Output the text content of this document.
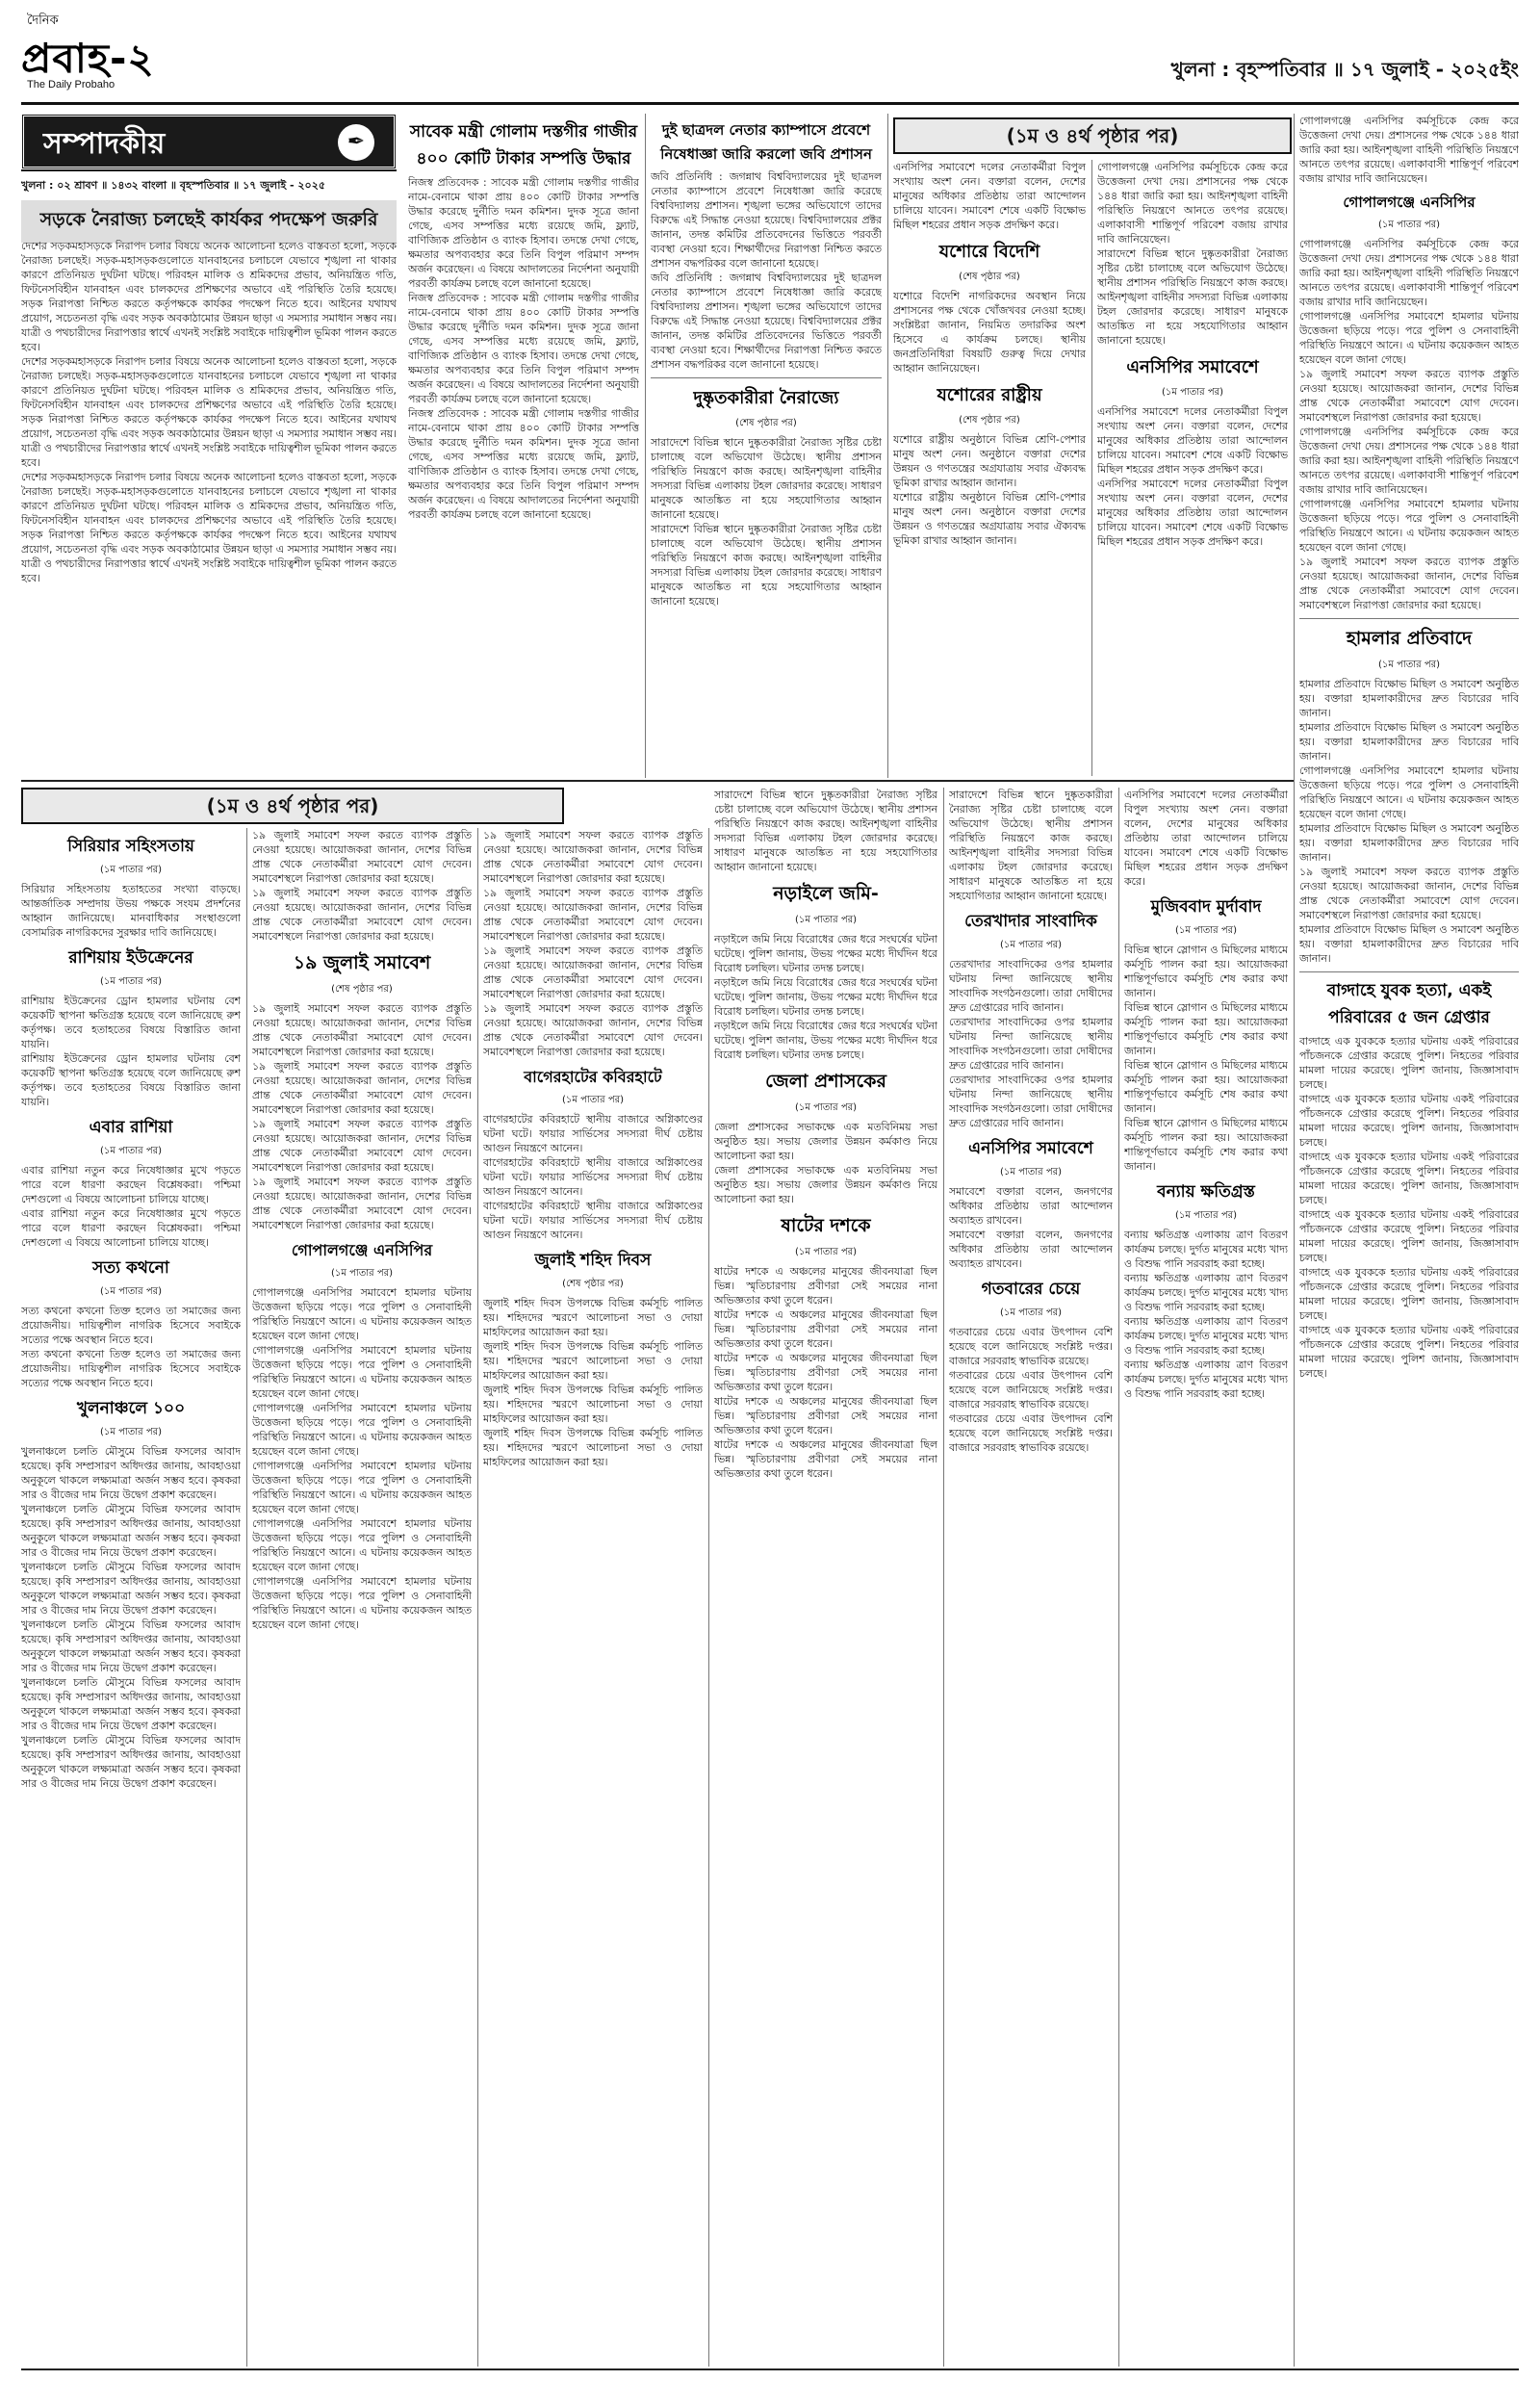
দৈনিক
প্রবাহ-২
The Daily Probaho
খুলনা : বৃহস্পতিবার ॥ ১৭ জুলাই - ২০২৫ইং
সম্পাদকীয়	✒
খুলনা : ০২ শ্রাবণ ॥ ১৪৩২ বাংলা ॥ বৃহস্পতিবার ॥ ১৭ জুলাই - ২০২৫
সড়কে নৈরাজ্য চলছেই কার্যকর পদক্ষেপ জরুরি

দেশের সড়কমহাসড়কে নিরাপদ চলার বিষয়ে অনেক আলোচনা হলেও বাস্তবতা হলো, সড়কে নৈরাজ্য চলছেই। সড়ক-মহাসড়কগুলোতে যানবাহনের চলাচলে যেভাবে শৃঙ্খলা না থাকার কারণে প্রতিনিয়ত দুর্ঘটনা ঘটছে। পরিবহন মালিক ও শ্রমিকদের প্রভাব, অনিয়ন্ত্রিত গতি, ফিটনেসবিহীন যানবাহন এবং চালকদের প্রশিক্ষণের অভাবে এই পরিস্থিতি তৈরি হয়েছে। সড়ক নিরাপত্তা নিশ্চিত করতে কর্তৃপক্ষকে কার্যকর পদক্ষেপ নিতে হবে। আইনের যথাযথ প্রয়োগ, সচেতনতা বৃদ্ধি এবং সড়ক অবকাঠামোর উন্নয়ন ছাড়া এ সমস্যার সমাধান সম্ভব নয়। যাত্রী ও পথচারীদের নিরাপত্তার স্বার্থে এখনই সংশ্লিষ্ট সবাইকে দায়িত্বশীল ভূমিকা পালন করতে হবে।

দেশের সড়কমহাসড়কে নিরাপদ চলার বিষয়ে অনেক আলোচনা হলেও বাস্তবতা হলো, সড়কে নৈরাজ্য চলছেই। সড়ক-মহাসড়কগুলোতে যানবাহনের চলাচলে যেভাবে শৃঙ্খলা না থাকার কারণে প্রতিনিয়ত দুর্ঘটনা ঘটছে। পরিবহন মালিক ও শ্রমিকদের প্রভাব, অনিয়ন্ত্রিত গতি, ফিটনেসবিহীন যানবাহন এবং চালকদের প্রশিক্ষণের অভাবে এই পরিস্থিতি তৈরি হয়েছে। সড়ক নিরাপত্তা নিশ্চিত করতে কর্তৃপক্ষকে কার্যকর পদক্ষেপ নিতে হবে। আইনের যথাযথ প্রয়োগ, সচেতনতা বৃদ্ধি এবং সড়ক অবকাঠামোর উন্নয়ন ছাড়া এ সমস্যার সমাধান সম্ভব নয়। যাত্রী ও পথচারীদের নিরাপত্তার স্বার্থে এখনই সংশ্লিষ্ট সবাইকে দায়িত্বশীল ভূমিকা পালন করতে হবে।

দেশের সড়কমহাসড়কে নিরাপদ চলার বিষয়ে অনেক আলোচনা হলেও বাস্তবতা হলো, সড়কে নৈরাজ্য চলছেই। সড়ক-মহাসড়কগুলোতে যানবাহনের চলাচলে যেভাবে শৃঙ্খলা না থাকার কারণে প্রতিনিয়ত দুর্ঘটনা ঘটছে। পরিবহন মালিক ও শ্রমিকদের প্রভাব, অনিয়ন্ত্রিত গতি, ফিটনেসবিহীন যানবাহন এবং চালকদের প্রশিক্ষণের অভাবে এই পরিস্থিতি তৈরি হয়েছে। সড়ক নিরাপত্তা নিশ্চিত করতে কর্তৃপক্ষকে কার্যকর পদক্ষেপ নিতে হবে। আইনের যথাযথ প্রয়োগ, সচেতনতা বৃদ্ধি এবং সড়ক অবকাঠামোর উন্নয়ন ছাড়া এ সমস্যার সমাধান সম্ভব নয়। যাত্রী ও পথচারীদের নিরাপত্তার স্বার্থে এখনই সংশ্লিষ্ট সবাইকে দায়িত্বশীল ভূমিকা পালন করতে হবে।

সাবেক মন্ত্রী গোলাম দস্তগীর গাজীর ৪০০ কোটি টাকার সম্পত্তি উদ্ধার

নিজস্ব প্রতিবেদক : সাবেক মন্ত্রী গোলাম দস্তগীর গাজীর নামে-বেনামে থাকা প্রায় ৪০০ কোটি টাকার সম্পত্তি উদ্ধার করেছে দুর্নীতি দমন কমিশন। দুদক সূত্রে জানা গেছে, এসব সম্পত্তির মধ্যে রয়েছে জমি, ফ্ল্যাট, বাণিজ্যিক প্রতিষ্ঠান ও ব্যাংক হিসাব। তদন্তে দেখা গেছে, ক্ষমতার অপব্যবহার করে তিনি বিপুল পরিমাণ সম্পদ অর্জন করেছেন। এ বিষয়ে আদালতের নির্দেশনা অনুযায়ী পরবর্তী কার্যক্রম চলছে বলে জানানো হয়েছে।

নিজস্ব প্রতিবেদক : সাবেক মন্ত্রী গোলাম দস্তগীর গাজীর নামে-বেনামে থাকা প্রায় ৪০০ কোটি টাকার সম্পত্তি উদ্ধার করেছে দুর্নীতি দমন কমিশন। দুদক সূত্রে জানা গেছে, এসব সম্পত্তির মধ্যে রয়েছে জমি, ফ্ল্যাট, বাণিজ্যিক প্রতিষ্ঠান ও ব্যাংক হিসাব। তদন্তে দেখা গেছে, ক্ষমতার অপব্যবহার করে তিনি বিপুল পরিমাণ সম্পদ অর্জন করেছেন। এ বিষয়ে আদালতের নির্দেশনা অনুযায়ী পরবর্তী কার্যক্রম চলছে বলে জানানো হয়েছে।

নিজস্ব প্রতিবেদক : সাবেক মন্ত্রী গোলাম দস্তগীর গাজীর নামে-বেনামে থাকা প্রায় ৪০০ কোটি টাকার সম্পত্তি উদ্ধার করেছে দুর্নীতি দমন কমিশন। দুদক সূত্রে জানা গেছে, এসব সম্পত্তির মধ্যে রয়েছে জমি, ফ্ল্যাট, বাণিজ্যিক প্রতিষ্ঠান ও ব্যাংক হিসাব। তদন্তে দেখা গেছে, ক্ষমতার অপব্যবহার করে তিনি বিপুল পরিমাণ সম্পদ অর্জন করেছেন। এ বিষয়ে আদালতের নির্দেশনা অনুযায়ী পরবর্তী কার্যক্রম চলছে বলে জানানো হয়েছে।

দুই ছাত্রদল নেতার ক্যাম্পাসে প্রবেশে নিষেধাজ্ঞা জারি করলো জবি প্রশাসন

জবি প্রতিনিধি : জগন্নাথ বিশ্ববিদ্যালয়ের দুই ছাত্রদল নেতার ক্যাম্পাসে প্রবেশে নিষেধাজ্ঞা জারি করেছে বিশ্ববিদ্যালয় প্রশাসন। শৃঙ্খলা ভঙ্গের অভিযোগে তাদের বিরুদ্ধে এই সিদ্ধান্ত নেওয়া হয়েছে। বিশ্ববিদ্যালয়ের প্রক্টর জানান, তদন্ত কমিটির প্রতিবেদনের ভিত্তিতে পরবর্তী ব্যবস্থা নেওয়া হবে। শিক্ষার্থীদের নিরাপত্তা নিশ্চিত করতে প্রশাসন বদ্ধপরিকর বলে জানানো হয়েছে।

জবি প্রতিনিধি : জগন্নাথ বিশ্ববিদ্যালয়ের দুই ছাত্রদল নেতার ক্যাম্পাসে প্রবেশে নিষেধাজ্ঞা জারি করেছে বিশ্ববিদ্যালয় প্রশাসন। শৃঙ্খলা ভঙ্গের অভিযোগে তাদের বিরুদ্ধে এই সিদ্ধান্ত নেওয়া হয়েছে। বিশ্ববিদ্যালয়ের প্রক্টর জানান, তদন্ত কমিটির প্রতিবেদনের ভিত্তিতে পরবর্তী ব্যবস্থা নেওয়া হবে। শিক্ষার্থীদের নিরাপত্তা নিশ্চিত করতে প্রশাসন বদ্ধপরিকর বলে জানানো হয়েছে।

দুষ্কৃতকারীরা নৈরাজ্যে

(শেষ পৃষ্ঠার পর)

সারাদেশে বিভিন্ন স্থানে দুষ্কৃতকারীরা নৈরাজ্য সৃষ্টির চেষ্টা চালাচ্ছে বলে অভিযোগ উঠেছে। স্থানীয় প্রশাসন পরিস্থিতি নিয়ন্ত্রণে কাজ করছে। আইনশৃঙ্খলা বাহিনীর সদস্যরা বিভিন্ন এলাকায় টহল জোরদার করেছে। সাধারণ মানুষকে আতঙ্কিত না হয়ে সহযোগিতার আহ্বান জানানো হয়েছে।

সারাদেশে বিভিন্ন স্থানে দুষ্কৃতকারীরা নৈরাজ্য সৃষ্টির চেষ্টা চালাচ্ছে বলে অভিযোগ উঠেছে। স্থানীয় প্রশাসন পরিস্থিতি নিয়ন্ত্রণে কাজ করছে। আইনশৃঙ্খলা বাহিনীর সদস্যরা বিভিন্ন এলাকায় টহল জোরদার করেছে। সাধারণ মানুষকে আতঙ্কিত না হয়ে সহযোগিতার আহ্বান জানানো হয়েছে।

(১ম ও ৪র্থ পৃষ্ঠার পর)

এনসিপির সমাবেশে দলের নেতাকর্মীরা বিপুল সংখ্যায় অংশ নেন। বক্তারা বলেন, দেশের মানুষের অধিকার প্রতিষ্ঠায় তারা আন্দোলন চালিয়ে যাবেন। সমাবেশ শেষে একটি বিক্ষোভ মিছিল শহরের প্রধান সড়ক প্রদক্ষিণ করে।

যশোরে বিদেশি

(শেষ পৃষ্ঠার পর)

যশোরে বিদেশি নাগরিকদের অবস্থান নিয়ে প্রশাসনের পক্ষ থেকে খোঁজখবর নেওয়া হচ্ছে। সংশ্লিষ্টরা জানান, নিয়মিত তদারকির অংশ হিসেবে এ কার্যক্রম চলছে। স্থানীয় জনপ্রতিনিধিরা বিষয়টি গুরুত্ব দিয়ে দেখার আহ্বান জানিয়েছেন।

যশোরের রাষ্ট্রীয়

(শেষ পৃষ্ঠার পর)

যশোরে রাষ্ট্রীয় অনুষ্ঠানে বিভিন্ন শ্রেণি-পেশার মানুষ অংশ নেন। অনুষ্ঠানে বক্তারা দেশের উন্নয়ন ও গণতন্ত্রের অগ্রযাত্রায় সবার ঐক্যবদ্ধ ভূমিকা রাখার আহ্বান জানান।

যশোরে রাষ্ট্রীয় অনুষ্ঠানে বিভিন্ন শ্রেণি-পেশার মানুষ অংশ নেন। অনুষ্ঠানে বক্তারা দেশের উন্নয়ন ও গণতন্ত্রের অগ্রযাত্রায় সবার ঐক্যবদ্ধ ভূমিকা রাখার আহ্বান জানান।

গোপালগঞ্জে এনসিপির কর্মসূচিকে কেন্দ্র করে উত্তেজনা দেখা দেয়। প্রশাসনের পক্ষ থেকে ১৪৪ ধারা জারি করা হয়। আইনশৃঙ্খলা বাহিনী পরিস্থিতি নিয়ন্ত্রণে আনতে তৎপর রয়েছে। এলাকাবাসী শান্তিপূর্ণ পরিবেশ বজায় রাখার দাবি জানিয়েছেন।

সারাদেশে বিভিন্ন স্থানে দুষ্কৃতকারীরা নৈরাজ্য সৃষ্টির চেষ্টা চালাচ্ছে বলে অভিযোগ উঠেছে। স্থানীয় প্রশাসন পরিস্থিতি নিয়ন্ত্রণে কাজ করছে। আইনশৃঙ্খলা বাহিনীর সদস্যরা বিভিন্ন এলাকায় টহল জোরদার করেছে। সাধারণ মানুষকে আতঙ্কিত না হয়ে সহযোগিতার আহ্বান জানানো হয়েছে।

এনসিপির সমাবেশে

(১ম পাতার পর)

এনসিপির সমাবেশে দলের নেতাকর্মীরা বিপুল সংখ্যায় অংশ নেন। বক্তারা বলেন, দেশের মানুষের অধিকার প্রতিষ্ঠায় তারা আন্দোলন চালিয়ে যাবেন। সমাবেশ শেষে একটি বিক্ষোভ মিছিল শহরের প্রধান সড়ক প্রদক্ষিণ করে।

এনসিপির সমাবেশে দলের নেতাকর্মীরা বিপুল সংখ্যায় অংশ নেন। বক্তারা বলেন, দেশের মানুষের অধিকার প্রতিষ্ঠায় তারা আন্দোলন চালিয়ে যাবেন। সমাবেশ শেষে একটি বিক্ষোভ মিছিল শহরের প্রধান সড়ক প্রদক্ষিণ করে।

গোপালগঞ্জে এনসিপির কর্মসূচিকে কেন্দ্র করে উত্তেজনা দেখা দেয়। প্রশাসনের পক্ষ থেকে ১৪৪ ধারা জারি করা হয়। আইনশৃঙ্খলা বাহিনী পরিস্থিতি নিয়ন্ত্রণে আনতে তৎপর রয়েছে। এলাকাবাসী শান্তিপূর্ণ পরিবেশ বজায় রাখার দাবি জানিয়েছেন।

গোপালগঞ্জে এনসিপির

(১ম পাতার পর)

গোপালগঞ্জে এনসিপির কর্মসূচিকে কেন্দ্র করে উত্তেজনা দেখা দেয়। প্রশাসনের পক্ষ থেকে ১৪৪ ধারা জারি করা হয়। আইনশৃঙ্খলা বাহিনী পরিস্থিতি নিয়ন্ত্রণে আনতে তৎপর রয়েছে। এলাকাবাসী শান্তিপূর্ণ পরিবেশ বজায় রাখার দাবি জানিয়েছেন।

গোপালগঞ্জে এনসিপির সমাবেশে হামলার ঘটনায় উত্তেজনা ছড়িয়ে পড়ে। পরে পুলিশ ও সেনাবাহিনী পরিস্থিতি নিয়ন্ত্রণে আনে। এ ঘটনায় কয়েকজন আহত হয়েছেন বলে জানা গেছে।

১৯ জুলাই সমাবেশ সফল করতে ব্যাপক প্রস্তুতি নেওয়া হয়েছে। আয়োজকরা জানান, দেশের বিভিন্ন প্রান্ত থেকে নেতাকর্মীরা সমাবেশে যোগ দেবেন। সমাবেশস্থলে নিরাপত্তা জোরদার করা হয়েছে।

গোপালগঞ্জে এনসিপির কর্মসূচিকে কেন্দ্র করে উত্তেজনা দেখা দেয়। প্রশাসনের পক্ষ থেকে ১৪৪ ধারা জারি করা হয়। আইনশৃঙ্খলা বাহিনী পরিস্থিতি নিয়ন্ত্রণে আনতে তৎপর রয়েছে। এলাকাবাসী শান্তিপূর্ণ পরিবেশ বজায় রাখার দাবি জানিয়েছেন।

গোপালগঞ্জে এনসিপির সমাবেশে হামলার ঘটনায় উত্তেজনা ছড়িয়ে পড়ে। পরে পুলিশ ও সেনাবাহিনী পরিস্থিতি নিয়ন্ত্রণে আনে। এ ঘটনায় কয়েকজন আহত হয়েছেন বলে জানা গেছে।

১৯ জুলাই সমাবেশ সফল করতে ব্যাপক প্রস্তুতি নেওয়া হয়েছে। আয়োজকরা জানান, দেশের বিভিন্ন প্রান্ত থেকে নেতাকর্মীরা সমাবেশে যোগ দেবেন। সমাবেশস্থলে নিরাপত্তা জোরদার করা হয়েছে।

হামলার প্রতিবাদে

(১ম পাতার পর)

হামলার প্রতিবাদে বিক্ষোভ মিছিল ও সমাবেশ অনুষ্ঠিত হয়। বক্তারা হামলাকারীদের দ্রুত বিচারের দাবি জানান।

হামলার প্রতিবাদে বিক্ষোভ মিছিল ও সমাবেশ অনুষ্ঠিত হয়। বক্তারা হামলাকারীদের দ্রুত বিচারের দাবি জানান।

গোপালগঞ্জে এনসিপির সমাবেশে হামলার ঘটনায় উত্তেজনা ছড়িয়ে পড়ে। পরে পুলিশ ও সেনাবাহিনী পরিস্থিতি নিয়ন্ত্রণে আনে। এ ঘটনায় কয়েকজন আহত হয়েছেন বলে জানা গেছে।

হামলার প্রতিবাদে বিক্ষোভ মিছিল ও সমাবেশ অনুষ্ঠিত হয়। বক্তারা হামলাকারীদের দ্রুত বিচারের দাবি জানান।

১৯ জুলাই সমাবেশ সফল করতে ব্যাপক প্রস্তুতি নেওয়া হয়েছে। আয়োজকরা জানান, দেশের বিভিন্ন প্রান্ত থেকে নেতাকর্মীরা সমাবেশে যোগ দেবেন। সমাবেশস্থলে নিরাপত্তা জোরদার করা হয়েছে।

হামলার প্রতিবাদে বিক্ষোভ মিছিল ও সমাবেশ অনুষ্ঠিত হয়। বক্তারা হামলাকারীদের দ্রুত বিচারের দাবি জানান।

বাগ্দাহে যুবক হত্যা, একই পরিবারের ৫ জন গ্রেপ্তার

বাগ্দাহে এক যুবককে হত্যার ঘটনায় একই পরিবারের পাঁচজনকে গ্রেপ্তার করেছে পুলিশ। নিহতের পরিবার মামলা দায়ের করেছে। পুলিশ জানায়, জিজ্ঞাসাবাদ চলছে।

বাগ্দাহে এক যুবককে হত্যার ঘটনায় একই পরিবারের পাঁচজনকে গ্রেপ্তার করেছে পুলিশ। নিহতের পরিবার মামলা দায়ের করেছে। পুলিশ জানায়, জিজ্ঞাসাবাদ চলছে।

বাগ্দাহে এক যুবককে হত্যার ঘটনায় একই পরিবারের পাঁচজনকে গ্রেপ্তার করেছে পুলিশ। নিহতের পরিবার মামলা দায়ের করেছে। পুলিশ জানায়, জিজ্ঞাসাবাদ চলছে।

বাগ্দাহে এক যুবককে হত্যার ঘটনায় একই পরিবারের পাঁচজনকে গ্রেপ্তার করেছে পুলিশ। নিহতের পরিবার মামলা দায়ের করেছে। পুলিশ জানায়, জিজ্ঞাসাবাদ চলছে।

বাগ্দাহে এক যুবককে হত্যার ঘটনায় একই পরিবারের পাঁচজনকে গ্রেপ্তার করেছে পুলিশ। নিহতের পরিবার মামলা দায়ের করেছে। পুলিশ জানায়, জিজ্ঞাসাবাদ চলছে।

বাগ্দাহে এক যুবককে হত্যার ঘটনায় একই পরিবারের পাঁচজনকে গ্রেপ্তার করেছে পুলিশ। নিহতের পরিবার মামলা দায়ের করেছে। পুলিশ জানায়, জিজ্ঞাসাবাদ চলছে।

(১ম ও ৪র্থ পৃষ্ঠার পর)
সিরিয়ার সহিংসতায়

(১ম পাতার পর)

সিরিয়ার সহিংসতায় হতাহতের সংখ্যা বাড়ছে। আন্তর্জাতিক সম্প্রদায় উভয় পক্ষকে সংযম প্রদর্শনের আহ্বান জানিয়েছে। মানবাধিকার সংস্থাগুলো বেসামরিক নাগরিকদের সুরক্ষার দাবি জানিয়েছে।

রাশিয়ায় ইউক্রেনের

(১ম পাতার পর)

রাশিয়ায় ইউক্রেনের ড্রোন হামলার ঘটনায় বেশ কয়েকটি স্থাপনা ক্ষতিগ্রস্ত হয়েছে বলে জানিয়েছে রুশ কর্তৃপক্ষ। তবে হতাহতের বিষয়ে বিস্তারিত জানা যায়নি।

রাশিয়ায় ইউক্রেনের ড্রোন হামলার ঘটনায় বেশ কয়েকটি স্থাপনা ক্ষতিগ্রস্ত হয়েছে বলে জানিয়েছে রুশ কর্তৃপক্ষ। তবে হতাহতের বিষয়ে বিস্তারিত জানা যায়নি।

এবার রাশিয়া

(১ম পাতার পর)

এবার রাশিয়া নতুন করে নিষেধাজ্ঞার মুখে পড়তে পারে বলে ধারণা করছেন বিশ্লেষকরা। পশ্চিমা দেশগুলো এ বিষয়ে আলোচনা চালিয়ে যাচ্ছে।

এবার রাশিয়া নতুন করে নিষেধাজ্ঞার মুখে পড়তে পারে বলে ধারণা করছেন বিশ্লেষকরা। পশ্চিমা দেশগুলো এ বিষয়ে আলোচনা চালিয়ে যাচ্ছে।

সত্য কথনো

(১ম পাতার পর)

সত্য কথনো কখনো তিক্ত হলেও তা সমাজের জন্য প্রয়োজনীয়। দায়িত্বশীল নাগরিক হিসেবে সবাইকে সত্যের পক্ষে অবস্থান নিতে হবে।

সত্য কথনো কখনো তিক্ত হলেও তা সমাজের জন্য প্রয়োজনীয়। দায়িত্বশীল নাগরিক হিসেবে সবাইকে সত্যের পক্ষে অবস্থান নিতে হবে।

খুলনাঞ্চলে ১০০

(১ম পাতার পর)

খুলনাঞ্চলে চলতি মৌসুমে বিভিন্ন ফসলের আবাদ হয়েছে। কৃষি সম্প্রসারণ অধিদপ্তর জানায়, আবহাওয়া অনুকূলে থাকলে লক্ষ্যমাত্রা অর্জন সম্ভব হবে। কৃষকরা সার ও বীজের দাম নিয়ে উদ্বেগ প্রকাশ করেছেন।

খুলনাঞ্চলে চলতি মৌসুমে বিভিন্ন ফসলের আবাদ হয়েছে। কৃষি সম্প্রসারণ অধিদপ্তর জানায়, আবহাওয়া অনুকূলে থাকলে লক্ষ্যমাত্রা অর্জন সম্ভব হবে। কৃষকরা সার ও বীজের দাম নিয়ে উদ্বেগ প্রকাশ করেছেন।

খুলনাঞ্চলে চলতি মৌসুমে বিভিন্ন ফসলের আবাদ হয়েছে। কৃষি সম্প্রসারণ অধিদপ্তর জানায়, আবহাওয়া অনুকূলে থাকলে লক্ষ্যমাত্রা অর্জন সম্ভব হবে। কৃষকরা সার ও বীজের দাম নিয়ে উদ্বেগ প্রকাশ করেছেন।

খুলনাঞ্চলে চলতি মৌসুমে বিভিন্ন ফসলের আবাদ হয়েছে। কৃষি সম্প্রসারণ অধিদপ্তর জানায়, আবহাওয়া অনুকূলে থাকলে লক্ষ্যমাত্রা অর্জন সম্ভব হবে। কৃষকরা সার ও বীজের দাম নিয়ে উদ্বেগ প্রকাশ করেছেন।

খুলনাঞ্চলে চলতি মৌসুমে বিভিন্ন ফসলের আবাদ হয়েছে। কৃষি সম্প্রসারণ অধিদপ্তর জানায়, আবহাওয়া অনুকূলে থাকলে লক্ষ্যমাত্রা অর্জন সম্ভব হবে। কৃষকরা সার ও বীজের দাম নিয়ে উদ্বেগ প্রকাশ করেছেন।

খুলনাঞ্চলে চলতি মৌসুমে বিভিন্ন ফসলের আবাদ হয়েছে। কৃষি সম্প্রসারণ অধিদপ্তর জানায়, আবহাওয়া অনুকূলে থাকলে লক্ষ্যমাত্রা অর্জন সম্ভব হবে। কৃষকরা সার ও বীজের দাম নিয়ে উদ্বেগ প্রকাশ করেছেন।

১৯ জুলাই সমাবেশ সফল করতে ব্যাপক প্রস্তুতি নেওয়া হয়েছে। আয়োজকরা জানান, দেশের বিভিন্ন প্রান্ত থেকে নেতাকর্মীরা সমাবেশে যোগ দেবেন। সমাবেশস্থলে নিরাপত্তা জোরদার করা হয়েছে।

১৯ জুলাই সমাবেশ সফল করতে ব্যাপক প্রস্তুতি নেওয়া হয়েছে। আয়োজকরা জানান, দেশের বিভিন্ন প্রান্ত থেকে নেতাকর্মীরা সমাবেশে যোগ দেবেন। সমাবেশস্থলে নিরাপত্তা জোরদার করা হয়েছে।

১৯ জুলাই সমাবেশ

(শেষ পৃষ্ঠার পর)

১৯ জুলাই সমাবেশ সফল করতে ব্যাপক প্রস্তুতি নেওয়া হয়েছে। আয়োজকরা জানান, দেশের বিভিন্ন প্রান্ত থেকে নেতাকর্মীরা সমাবেশে যোগ দেবেন। সমাবেশস্থলে নিরাপত্তা জোরদার করা হয়েছে।

১৯ জুলাই সমাবেশ সফল করতে ব্যাপক প্রস্তুতি নেওয়া হয়েছে। আয়োজকরা জানান, দেশের বিভিন্ন প্রান্ত থেকে নেতাকর্মীরা সমাবেশে যোগ দেবেন। সমাবেশস্থলে নিরাপত্তা জোরদার করা হয়েছে।

১৯ জুলাই সমাবেশ সফল করতে ব্যাপক প্রস্তুতি নেওয়া হয়েছে। আয়োজকরা জানান, দেশের বিভিন্ন প্রান্ত থেকে নেতাকর্মীরা সমাবেশে যোগ দেবেন। সমাবেশস্থলে নিরাপত্তা জোরদার করা হয়েছে।

১৯ জুলাই সমাবেশ সফল করতে ব্যাপক প্রস্তুতি নেওয়া হয়েছে। আয়োজকরা জানান, দেশের বিভিন্ন প্রান্ত থেকে নেতাকর্মীরা সমাবেশে যোগ দেবেন। সমাবেশস্থলে নিরাপত্তা জোরদার করা হয়েছে।

গোপালগঞ্জে এনসিপির

(১ম পাতার পর)

গোপালগঞ্জে এনসিপির সমাবেশে হামলার ঘটনায় উত্তেজনা ছড়িয়ে পড়ে। পরে পুলিশ ও সেনাবাহিনী পরিস্থিতি নিয়ন্ত্রণে আনে। এ ঘটনায় কয়েকজন আহত হয়েছেন বলে জানা গেছে।

গোপালগঞ্জে এনসিপির সমাবেশে হামলার ঘটনায় উত্তেজনা ছড়িয়ে পড়ে। পরে পুলিশ ও সেনাবাহিনী পরিস্থিতি নিয়ন্ত্রণে আনে। এ ঘটনায় কয়েকজন আহত হয়েছেন বলে জানা গেছে।

গোপালগঞ্জে এনসিপির সমাবেশে হামলার ঘটনায় উত্তেজনা ছড়িয়ে পড়ে। পরে পুলিশ ও সেনাবাহিনী পরিস্থিতি নিয়ন্ত্রণে আনে। এ ঘটনায় কয়েকজন আহত হয়েছেন বলে জানা গেছে।

গোপালগঞ্জে এনসিপির সমাবেশে হামলার ঘটনায় উত্তেজনা ছড়িয়ে পড়ে। পরে পুলিশ ও সেনাবাহিনী পরিস্থিতি নিয়ন্ত্রণে আনে। এ ঘটনায় কয়েকজন আহত হয়েছেন বলে জানা গেছে।

গোপালগঞ্জে এনসিপির সমাবেশে হামলার ঘটনায় উত্তেজনা ছড়িয়ে পড়ে। পরে পুলিশ ও সেনাবাহিনী পরিস্থিতি নিয়ন্ত্রণে আনে। এ ঘটনায় কয়েকজন আহত হয়েছেন বলে জানা গেছে।

গোপালগঞ্জে এনসিপির সমাবেশে হামলার ঘটনায় উত্তেজনা ছড়িয়ে পড়ে। পরে পুলিশ ও সেনাবাহিনী পরিস্থিতি নিয়ন্ত্রণে আনে। এ ঘটনায় কয়েকজন আহত হয়েছেন বলে জানা গেছে।

১৯ জুলাই সমাবেশ সফল করতে ব্যাপক প্রস্তুতি নেওয়া হয়েছে। আয়োজকরা জানান, দেশের বিভিন্ন প্রান্ত থেকে নেতাকর্মীরা সমাবেশে যোগ দেবেন। সমাবেশস্থলে নিরাপত্তা জোরদার করা হয়েছে।

১৯ জুলাই সমাবেশ সফল করতে ব্যাপক প্রস্তুতি নেওয়া হয়েছে। আয়োজকরা জানান, দেশের বিভিন্ন প্রান্ত থেকে নেতাকর্মীরা সমাবেশে যোগ দেবেন। সমাবেশস্থলে নিরাপত্তা জোরদার করা হয়েছে।

১৯ জুলাই সমাবেশ সফল করতে ব্যাপক প্রস্তুতি নেওয়া হয়েছে। আয়োজকরা জানান, দেশের বিভিন্ন প্রান্ত থেকে নেতাকর্মীরা সমাবেশে যোগ দেবেন। সমাবেশস্থলে নিরাপত্তা জোরদার করা হয়েছে।

১৯ জুলাই সমাবেশ সফল করতে ব্যাপক প্রস্তুতি নেওয়া হয়েছে। আয়োজকরা জানান, দেশের বিভিন্ন প্রান্ত থেকে নেতাকর্মীরা সমাবেশে যোগ দেবেন। সমাবেশস্থলে নিরাপত্তা জোরদার করা হয়েছে।

বাগেরহাটের কবিরহাটে

(১ম পাতার পর)

বাগেরহাটের কবিরহাটে স্থানীয় বাজারে অগ্নিকাণ্ডের ঘটনা ঘটে। ফায়ার সার্ভিসের সদস্যরা দীর্ঘ চেষ্টায় আগুন নিয়ন্ত্রণে আনেন।

বাগেরহাটের কবিরহাটে স্থানীয় বাজারে অগ্নিকাণ্ডের ঘটনা ঘটে। ফায়ার সার্ভিসের সদস্যরা দীর্ঘ চেষ্টায় আগুন নিয়ন্ত্রণে আনেন।

বাগেরহাটের কবিরহাটে স্থানীয় বাজারে অগ্নিকাণ্ডের ঘটনা ঘটে। ফায়ার সার্ভিসের সদস্যরা দীর্ঘ চেষ্টায় আগুন নিয়ন্ত্রণে আনেন।

জুলাই শহিদ দিবস

(শেষ পৃষ্ঠার পর)

জুলাই শহিদ দিবস উপলক্ষে বিভিন্ন কর্মসূচি পালিত হয়। শহিদদের স্মরণে আলোচনা সভা ও দোয়া মাহফিলের আয়োজন করা হয়।

জুলাই শহিদ দিবস উপলক্ষে বিভিন্ন কর্মসূচি পালিত হয়। শহিদদের স্মরণে আলোচনা সভা ও দোয়া মাহফিলের আয়োজন করা হয়।

জুলাই শহিদ দিবস উপলক্ষে বিভিন্ন কর্মসূচি পালিত হয়। শহিদদের স্মরণে আলোচনা সভা ও দোয়া মাহফিলের আয়োজন করা হয়।

জুলাই শহিদ দিবস উপলক্ষে বিভিন্ন কর্মসূচি পালিত হয়। শহিদদের স্মরণে আলোচনা সভা ও দোয়া মাহফিলের আয়োজন করা হয়।

সারাদেশে বিভিন্ন স্থানে দুষ্কৃতকারীরা নৈরাজ্য সৃষ্টির চেষ্টা চালাচ্ছে বলে অভিযোগ উঠেছে। স্থানীয় প্রশাসন পরিস্থিতি নিয়ন্ত্রণে কাজ করছে। আইনশৃঙ্খলা বাহিনীর সদস্যরা বিভিন্ন এলাকায় টহল জোরদার করেছে। সাধারণ মানুষকে আতঙ্কিত না হয়ে সহযোগিতার আহ্বান জানানো হয়েছে।

নড়াইলে জমি-

(১ম পাতার পর)

নড়াইলে জমি নিয়ে বিরোধের জের ধরে সংঘর্ষের ঘটনা ঘটেছে। পুলিশ জানায়, উভয় পক্ষের মধ্যে দীর্ঘদিন ধরে বিরোধ চলছিল। ঘটনার তদন্ত চলছে।

নড়াইলে জমি নিয়ে বিরোধের জের ধরে সংঘর্ষের ঘটনা ঘটেছে। পুলিশ জানায়, উভয় পক্ষের মধ্যে দীর্ঘদিন ধরে বিরোধ চলছিল। ঘটনার তদন্ত চলছে।

নড়াইলে জমি নিয়ে বিরোধের জের ধরে সংঘর্ষের ঘটনা ঘটেছে। পুলিশ জানায়, উভয় পক্ষের মধ্যে দীর্ঘদিন ধরে বিরোধ চলছিল। ঘটনার তদন্ত চলছে।

জেলা প্রশাসকের

(১ম পাতার পর)

জেলা প্রশাসকের সভাকক্ষে এক মতবিনিময় সভা অনুষ্ঠিত হয়। সভায় জেলার উন্নয়ন কর্মকাণ্ড নিয়ে আলোচনা করা হয়।

জেলা প্রশাসকের সভাকক্ষে এক মতবিনিময় সভা অনুষ্ঠিত হয়। সভায় জেলার উন্নয়ন কর্মকাণ্ড নিয়ে আলোচনা করা হয়।

ষাটের দশকে

(১ম পাতার পর)

ষাটের দশকে এ অঞ্চলের মানুষের জীবনযাত্রা ছিল ভিন্ন। স্মৃতিচারণায় প্রবীণরা সেই সময়ের নানা অভিজ্ঞতার কথা তুলে ধরেন।

ষাটের দশকে এ অঞ্চলের মানুষের জীবনযাত্রা ছিল ভিন্ন। স্মৃতিচারণায় প্রবীণরা সেই সময়ের নানা অভিজ্ঞতার কথা তুলে ধরেন।

ষাটের দশকে এ অঞ্চলের মানুষের জীবনযাত্রা ছিল ভিন্ন। স্মৃতিচারণায় প্রবীণরা সেই সময়ের নানা অভিজ্ঞতার কথা তুলে ধরেন।

ষাটের দশকে এ অঞ্চলের মানুষের জীবনযাত্রা ছিল ভিন্ন। স্মৃতিচারণায় প্রবীণরা সেই সময়ের নানা অভিজ্ঞতার কথা তুলে ধরেন।

ষাটের দশকে এ অঞ্চলের মানুষের জীবনযাত্রা ছিল ভিন্ন। স্মৃতিচারণায় প্রবীণরা সেই সময়ের নানা অভিজ্ঞতার কথা তুলে ধরেন।

সারাদেশে বিভিন্ন স্থানে দুষ্কৃতকারীরা নৈরাজ্য সৃষ্টির চেষ্টা চালাচ্ছে বলে অভিযোগ উঠেছে। স্থানীয় প্রশাসন পরিস্থিতি নিয়ন্ত্রণে কাজ করছে। আইনশৃঙ্খলা বাহিনীর সদস্যরা বিভিন্ন এলাকায় টহল জোরদার করেছে। সাধারণ মানুষকে আতঙ্কিত না হয়ে সহযোগিতার আহ্বান জানানো হয়েছে।

তেরখাদার সাংবাদিক

(১ম পাতার পর)

তেরখাদার সাংবাদিকের ওপর হামলার ঘটনায় নিন্দা জানিয়েছে স্থানীয় সাংবাদিক সংগঠনগুলো। তারা দোষীদের দ্রুত গ্রেপ্তারের দাবি জানান।

তেরখাদার সাংবাদিকের ওপর হামলার ঘটনায় নিন্দা জানিয়েছে স্থানীয় সাংবাদিক সংগঠনগুলো। তারা দোষীদের দ্রুত গ্রেপ্তারের দাবি জানান।

তেরখাদার সাংবাদিকের ওপর হামলার ঘটনায় নিন্দা জানিয়েছে স্থানীয় সাংবাদিক সংগঠনগুলো। তারা দোষীদের দ্রুত গ্রেপ্তারের দাবি জানান।

এনসিপির সমাবেশে

(১ম পাতার পর)

সমাবেশে বক্তারা বলেন, জনগণের অধিকার প্রতিষ্ঠায় তারা আন্দোলন অব্যাহত রাখবেন।

সমাবেশে বক্তারা বলেন, জনগণের অধিকার প্রতিষ্ঠায় তারা আন্দোলন অব্যাহত রাখবেন।

গতবারের চেয়ে

(১ম পাতার পর)

গতবারের চেয়ে এবার উৎপাদন বেশি হয়েছে বলে জানিয়েছে সংশ্লিষ্ট দপ্তর। বাজারে সরবরাহ স্বাভাবিক রয়েছে।

গতবারের চেয়ে এবার উৎপাদন বেশি হয়েছে বলে জানিয়েছে সংশ্লিষ্ট দপ্তর। বাজারে সরবরাহ স্বাভাবিক রয়েছে।

গতবারের চেয়ে এবার উৎপাদন বেশি হয়েছে বলে জানিয়েছে সংশ্লিষ্ট দপ্তর। বাজারে সরবরাহ স্বাভাবিক রয়েছে।

এনসিপির সমাবেশে দলের নেতাকর্মীরা বিপুল সংখ্যায় অংশ নেন। বক্তারা বলেন, দেশের মানুষের অধিকার প্রতিষ্ঠায় তারা আন্দোলন চালিয়ে যাবেন। সমাবেশ শেষে একটি বিক্ষোভ মিছিল শহরের প্রধান সড়ক প্রদক্ষিণ করে।

মুজিববাদ মুর্দাবাদ

(১ম পাতার পর)

বিভিন্ন স্থানে স্লোগান ও মিছিলের মাধ্যমে কর্মসূচি পালন করা হয়। আয়োজকরা শান্তিপূর্ণভাবে কর্মসূচি শেষ করার কথা জানান।

বিভিন্ন স্থানে স্লোগান ও মিছিলের মাধ্যমে কর্মসূচি পালন করা হয়। আয়োজকরা শান্তিপূর্ণভাবে কর্মসূচি শেষ করার কথা জানান।

বিভিন্ন স্থানে স্লোগান ও মিছিলের মাধ্যমে কর্মসূচি পালন করা হয়। আয়োজকরা শান্তিপূর্ণভাবে কর্মসূচি শেষ করার কথা জানান।

বিভিন্ন স্থানে স্লোগান ও মিছিলের মাধ্যমে কর্মসূচি পালন করা হয়। আয়োজকরা শান্তিপূর্ণভাবে কর্মসূচি শেষ করার কথা জানান।

বন্যায় ক্ষতিগ্রস্ত

(১ম পাতার পর)

বন্যায় ক্ষতিগ্রস্ত এলাকায় ত্রাণ বিতরণ কার্যক্রম চলছে। দুর্গত মানুষের মধ্যে খাদ্য ও বিশুদ্ধ পানি সরবরাহ করা হচ্ছে।

বন্যায় ক্ষতিগ্রস্ত এলাকায় ত্রাণ বিতরণ কার্যক্রম চলছে। দুর্গত মানুষের মধ্যে খাদ্য ও বিশুদ্ধ পানি সরবরাহ করা হচ্ছে।

বন্যায় ক্ষতিগ্রস্ত এলাকায় ত্রাণ বিতরণ কার্যক্রম চলছে। দুর্গত মানুষের মধ্যে খাদ্য ও বিশুদ্ধ পানি সরবরাহ করা হচ্ছে।

বন্যায় ক্ষতিগ্রস্ত এলাকায় ত্রাণ বিতরণ কার্যক্রম চলছে। দুর্গত মানুষের মধ্যে খাদ্য ও বিশুদ্ধ পানি সরবরাহ করা হচ্ছে।
